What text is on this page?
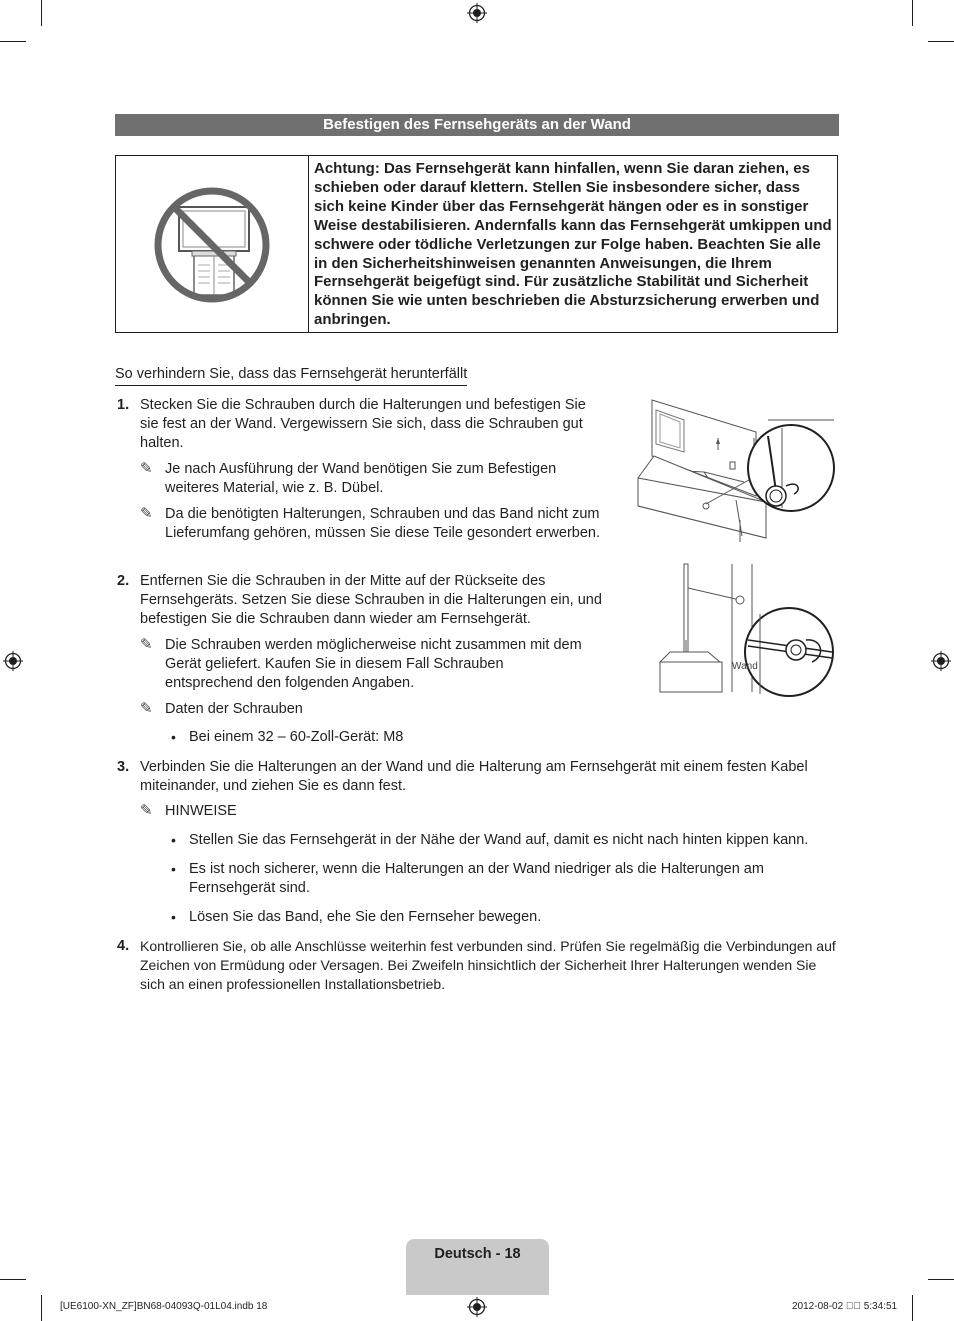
Befestigen des Fernsehgeräts an der Wand
Achtung: Das Fernsehgerät kann hinfallen, wenn Sie daran ziehen, es schieben oder darauf klettern. Stellen Sie insbesondere sicher, dass sich keine Kinder über das Fernsehgerät hängen oder es in sonstiger Weise destabilisieren. Andernfalls kann das Fernsehgerät umkippen und schwere oder tödliche Verletzungen zur Folge haben. Beachten Sie alle in den Sicherheitshinweisen genannten Anweisungen, die Ihrem Fernsehgerät beigefügt sind. Für zusätzliche Stabilität und Sicherheit können Sie wie unten beschrieben die Absturzsicherung erwerben und anbringen.
So verhindern Sie, dass das Fernsehgerät herunterfällt
1. Stecken Sie die Schrauben durch die Halterungen und befestigen Sie sie fest an der Wand. Vergewissern Sie sich, dass die Schrauben gut halten.
✎ Je nach Ausführung der Wand benötigen Sie zum Befestigen weiteres Material, wie z. B. Dübel.
✎ Da die benötigten Halterungen, Schrauben und das Band nicht zum Lieferumfang gehören, müssen Sie diese Teile gesondert erwerben.
2. Entfernen Sie die Schrauben in der Mitte auf der Rückseite des Fernsehgeräts. Setzen Sie diese Schrauben in die Halterungen ein, und befestigen Sie die Schrauben dann wieder am Fernsehgerät.
✎ Die Schrauben werden möglicherweise nicht zusammen mit dem Gerät geliefert. Kaufen Sie in diesem Fall Schrauben entsprechend den folgenden Angaben.
✎ Daten der Schrauben
• Bei einem 32 – 60-Zoll-Gerät: M8
3. Verbinden Sie die Halterungen an der Wand und die Halterung am Fernsehgerät mit einem festen Kabel miteinander, und ziehen Sie es dann fest.
✎ HINWEISE
• Stellen Sie das Fernsehgerät in der Nähe der Wand auf, damit es nicht nach hinten kippen kann.
• Es ist noch sicherer, wenn die Halterungen an der Wand niedriger als die Halterungen am Fernsehgerät sind.
• Lösen Sie das Band, ehe Sie den Fernseher bewegen.
4. Kontrollieren Sie, ob alle Anschlüsse weiterhin fest verbunden sind. Prüfen Sie regelmäßig die Verbindungen auf Zeichen von Ermüdung oder Versagen. Bei Zweifeln hinsichtlich der Sicherheit Ihrer Halterungen wenden Sie sich an einen professionellen Installationsbetrieb.
Wand
Deutsch - 18
[UE6100-XN_ZF]BN68-04093Q-01L04.indb 18	2012-08-02    5:34:51
